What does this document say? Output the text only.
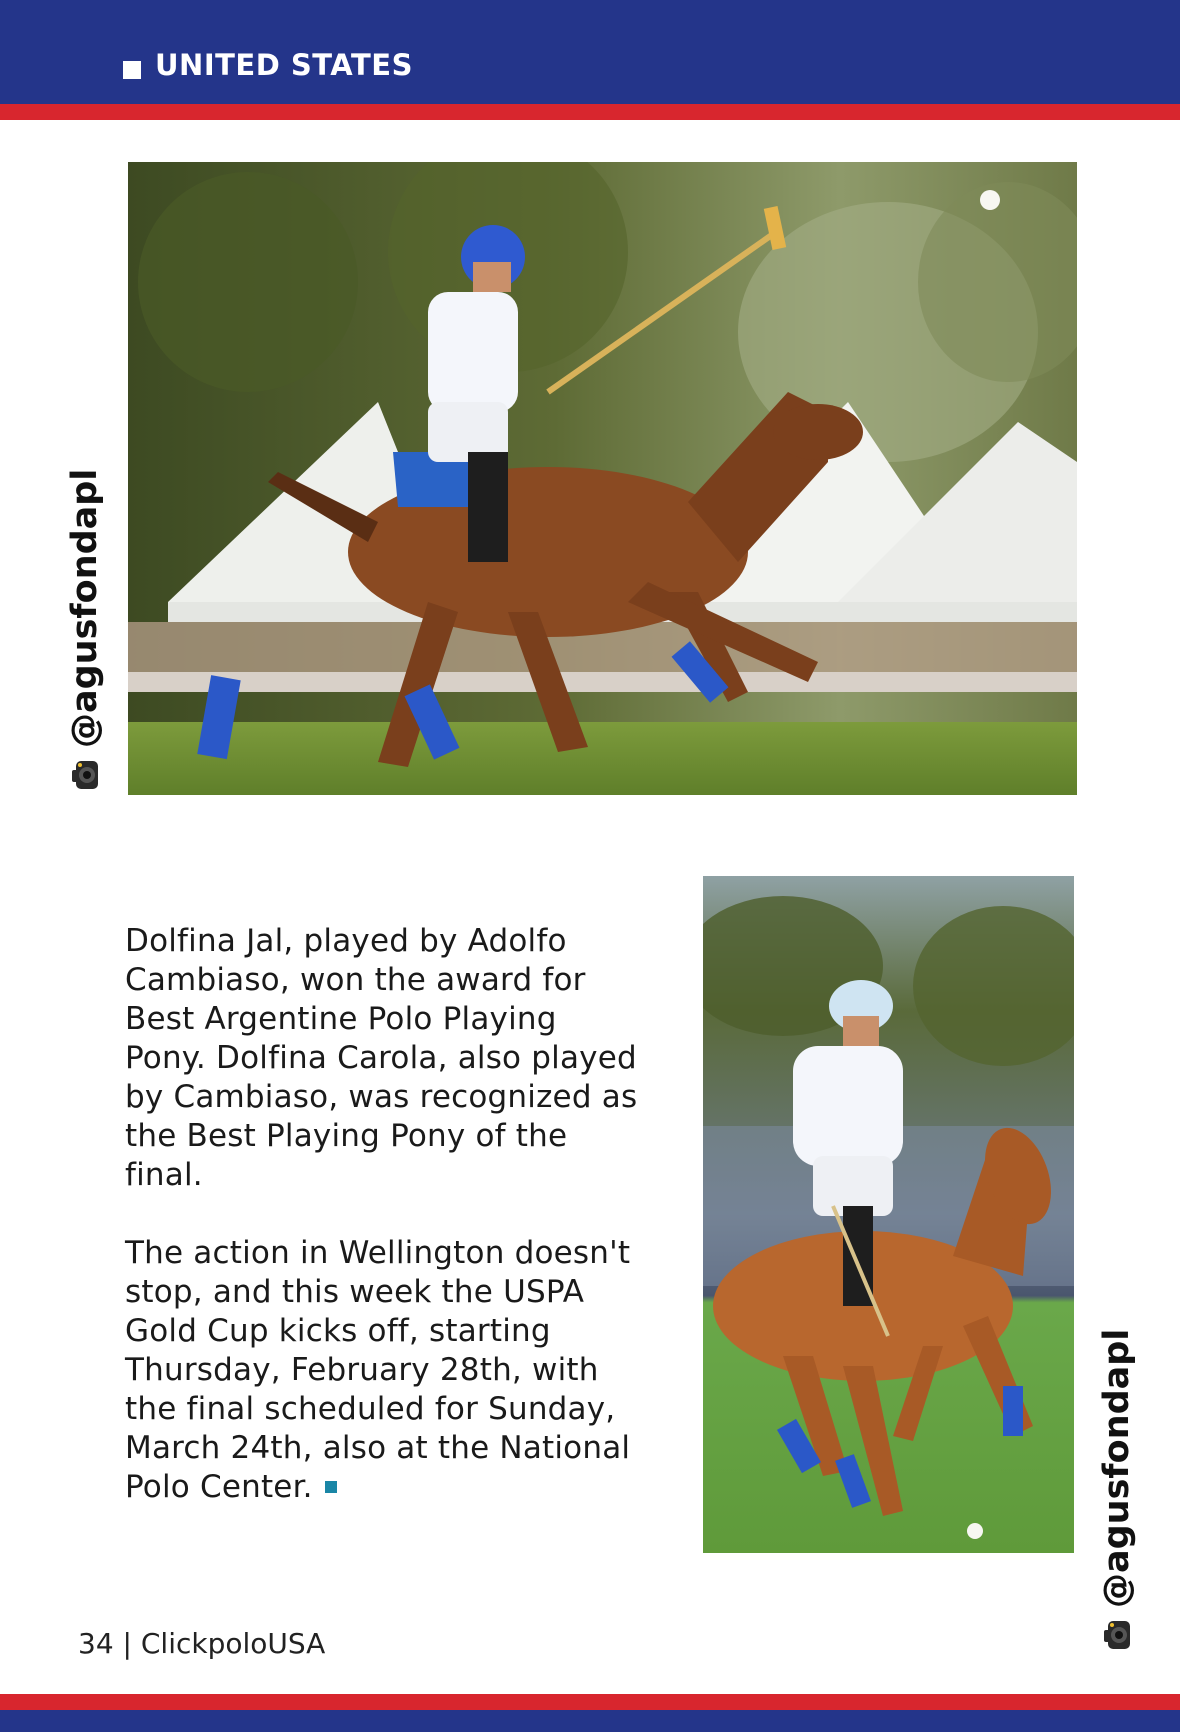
UNITED STATES
@agusfondapl

Dolfina Jal, played by Adolfo Cambiaso, won the award for Best Argentine Polo Playing Pony. Dolfina Carola, also played by Cambiaso, was recognized as the Best Playing Pony of the final.

The action in Wellington doesn't stop, and this week the USPA Gold Cup kicks off, starting Thursday, February 28th, with the final scheduled for Sunday, March 24th, also at the National Polo Center.	@agusfondapl
34 | ClickpoloUSA
